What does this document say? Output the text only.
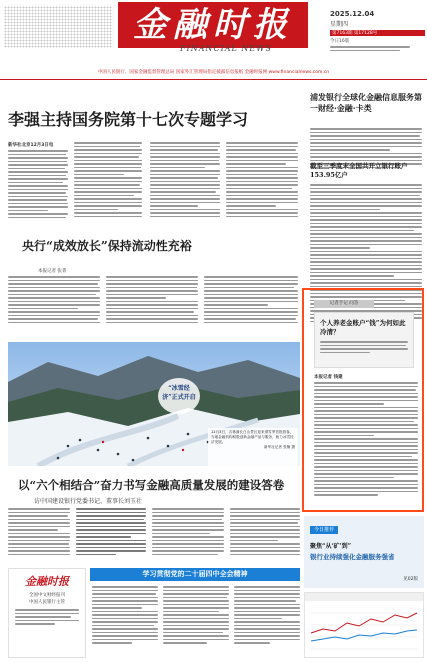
金融时报
FINANCIAL NEWS
2025.12.04
星期四
第7163期 第17128号
今日16版
中国人民银行、国家金融监督管理总局 国家外汇管理局指定披露信息报纸 金融时报网 www.financialnews.com.cn
李强主持国务院第十七次专题学习
新华社北京12月3日电
央行“成效放长”保持流动性充裕
本报记者 张菁
浦发银行全球化金融信息服务第一财经·金融·卡类
截至三季度末全国共开立银行账户153.95亿户
“冰雪经济”正式开启
12月3日，吉林省长白山景区迎来滑雪季首批游客，当地金融机构积极创新金融产品与服务，助力冰雪经济发展。
新华社记者 张楠 摄
以“六个相结合”奋力书写金融高质量发展的建设答卷
访中国建设银行党委书记、董事长刘玉社
记者手记 问答
个人养老金账户“钱”为何如此冷清？
本报记者 钱建
学习贯彻党的二十届四中全会精神
金融时报
全国中文财经报刊
中国人民银行主管
今日推荐
聚焦“从‘矿’到”
银行业持续强化金融服务强省
见02版
